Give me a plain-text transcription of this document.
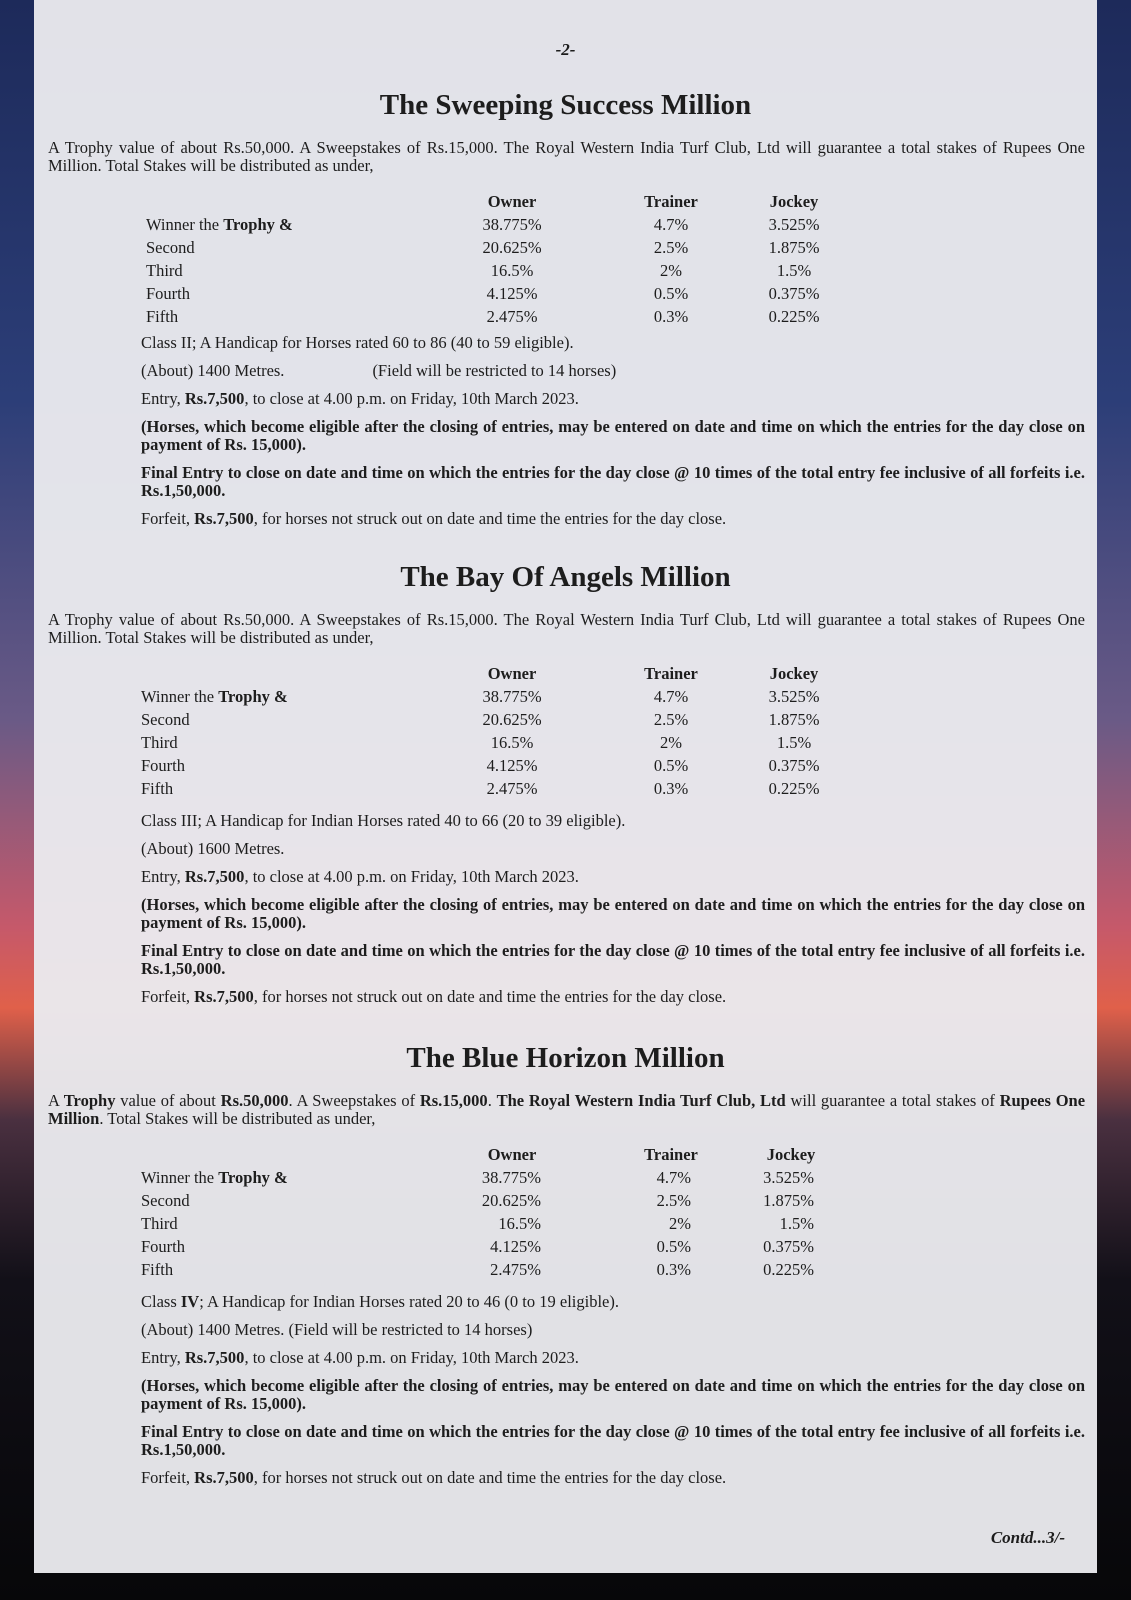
-2-
The Sweeping Success Million

A Trophy value of about Rs.50,000. A Sweepstakes of Rs.15,000. The Royal Western India Turf Club, Ltd will guarantee a total stakes of Rupees One Million. Total Stakes will be distributed as under,

Owner	Trainer	Jockey
Winner the Trophy &	38.775%	4.7%	3.525%
Second	20.625%	2.5%	1.875%
Third	16.5%	2%	1.5%
Fourth	4.125%	0.5%	0.375%
Fifth	2.475%	0.3%	0.225%

Class II; A Handicap for Horses rated 60 to 86 (40 to 59 eligible).

(About) 1400 Metres.	(Field will be restricted to 14 horses)

Entry, Rs.7,500, to close at 4.00 p.m. on Friday, 10th March 2023.

(Horses, which become eligible after the closing of entries, may be entered on date and time on which the entries for the day close on payment of Rs. 15,000).

Final Entry to close on date and time on which the entries for the day close @ 10 times of the total entry fee inclusive of all forfeits i.e. Rs.1,50,000.

Forfeit, Rs.7,500, for horses not struck out on date and time the entries for the day close.

The Bay Of Angels Million

A Trophy value of about Rs.50,000. A Sweepstakes of Rs.15,000. The Royal Western India Turf Club, Ltd will guarantee a total stakes of Rupees One Million. Total Stakes will be distributed as under,

Owner	Trainer	Jockey
Winner the Trophy &	38.775%	4.7%	3.525%
Second	20.625%	2.5%	1.875%
Third	16.5%	2%	1.5%
Fourth	4.125%	0.5%	0.375%
Fifth	2.475%	0.3%	0.225%

Class III; A Handicap for Indian Horses rated 40 to 66 (20 to 39 eligible).

(About) 1600 Metres.

Entry, Rs.7,500, to close at 4.00 p.m. on Friday, 10th March 2023.

(Horses, which become eligible after the closing of entries, may be entered on date and time on which the entries for the day close on payment of Rs. 15,000).

Final Entry to close on date and time on which the entries for the day close @ 10 times of the total entry fee inclusive of all forfeits i.e. Rs.1,50,000.

Forfeit, Rs.7,500, for horses not struck out on date and time the entries for the day close.

The Blue Horizon Million

A Trophy value of about Rs.50,000. A Sweepstakes of Rs.15,000. The Royal Western India Turf Club, Ltd will guarantee a total stakes of Rupees One Million. Total Stakes will be distributed as under,

Owner	Trainer	Jockey
Winner the Trophy &	38.775%	4.7%	3.525%
Second	20.625%	2.5%	1.875%
Third	16.5%	2%	1.5%
Fourth	4.125%	0.5%	0.375%
Fifth	2.475%	0.3%	0.225%

Class IV; A Handicap for Indian Horses rated 20 to 46 (0 to 19 eligible).

(About) 1400 Metres. (Field will be restricted to 14 horses)

Entry, Rs.7,500, to close at 4.00 p.m. on Friday, 10th March 2023.

(Horses, which become eligible after the closing of entries, may be entered on date and time on which the entries for the day close on payment of Rs. 15,000).

Final Entry to close on date and time on which the entries for the day close @ 10 times of the total entry fee inclusive of all forfeits i.e. Rs.1,50,000.

Forfeit, Rs.7,500, for horses not struck out on date and time the entries for the day close.

Contd...3/-
